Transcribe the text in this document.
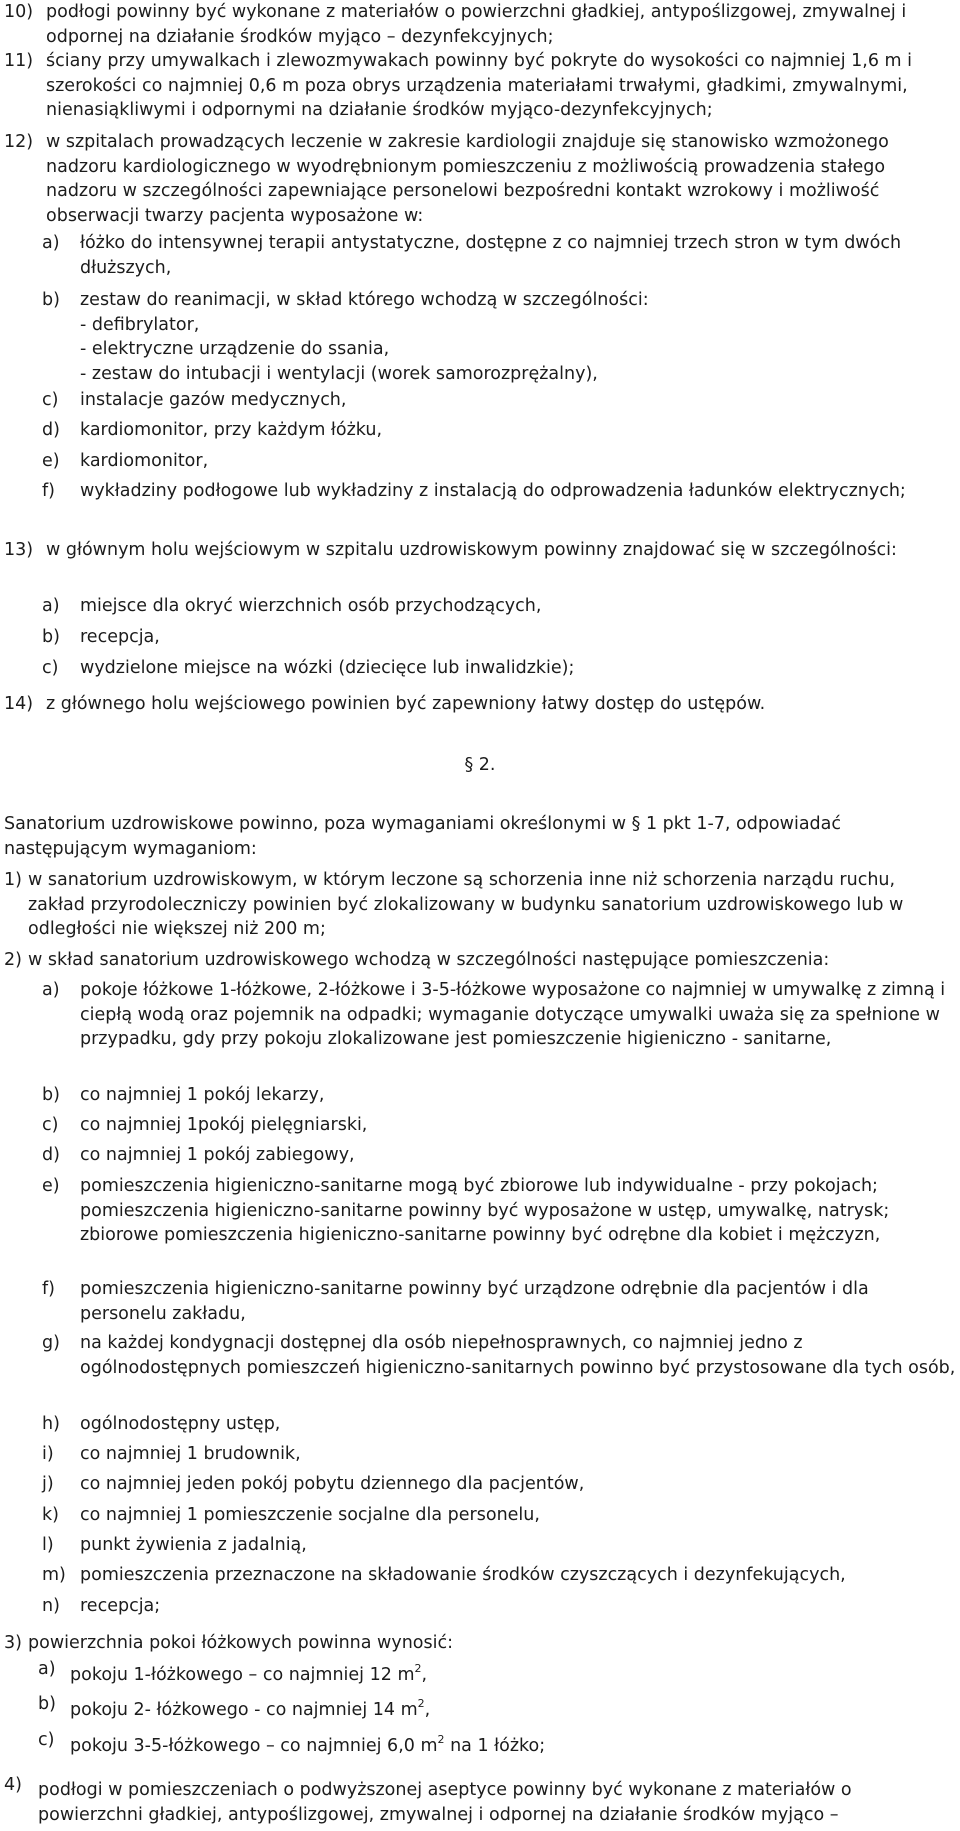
10) podłogi powinny być wykonane z materiałów o powierzchni gładkiej, antypoślizgowej, zmywalnej i odpornej na działanie środków myjąco – dezynfekcyjnych;
11) ściany przy umywalkach i zlewozmywakach powinny być pokryte do wysokości co najmniej 1,6 m i szerokości co najmniej 0,6 m poza obrys urządzenia materiałami trwałymi, gładkimi, zmywalnymi, nienasiąkliwymi i odpornymi na działanie środków myjąco-dezynfekcyjnych;
12) w szpitalach prowadzących leczenie w zakresie kardiologii znajduje się stanowisko wzmożonego nadzoru kardiologicznego w wyodrębnionym pomieszczeniu z możliwością prowadzenia stałego nadzoru w szczególności zapewniające personelowi bezpośredni kontakt wzrokowy i możliwość obserwacji twarzy pacjenta wyposażone w:
a) łóżko do intensywnej terapii antystatyczne, dostępne z co najmniej trzech stron w tym dwóch dłuższych,
b) zestaw do reanimacji, w skład którego wchodzą w szczególności:
- defibrylator,
- elektryczne urządzenie do ssania,
- zestaw do intubacji i wentylacji (worek samorozprężalny),
c) instalacje gazów medycznych,
d) kardiomonitor, przy każdym łóżku,
e) kardiomonitor,
f) wykładziny podłogowe lub wykładziny z instalacją do odprowadzenia ładunków elektrycznych;
13) w głównym holu wejściowym w szpitalu uzdrowiskowym powinny znajdować się w szczególności:
a) miejsce dla okryć wierzchnich osób przychodzących,
b) recepcja,
c) wydzielone miejsce na wózki (dziecięce lub inwalidzkie);
14) z głównego holu wejściowego powinien być zapewniony łatwy dostęp do ustępów.
§ 2.
Sanatorium uzdrowiskowe powinno, poza wymaganiami określonymi w § 1 pkt 1-7, odpowiadać następującym wymaganiom:
1) w sanatorium uzdrowiskowym, w którym leczone są schorzenia inne niż schorzenia narządu ruchu, zakład przyrodoleczniczy powinien być zlokalizowany w budynku sanatorium uzdrowiskowego lub w odległości nie większej niż 200 m;
2) w skład sanatorium uzdrowiskowego wchodzą w szczególności następujące pomieszczenia:
a) pokoje łóżkowe 1-łóżkowe, 2-łóżkowe i 3-5-łóżkowe wyposażone co najmniej w umywalkę z zimną i ciepłą wodą oraz pojemnik na odpadki; wymaganie dotyczące umywalki uważa się za spełnione w przypadku, gdy przy pokoju zlokalizowane jest pomieszczenie higieniczno - sanitarne,
b) co najmniej 1 pokój lekarzy,
c) co najmniej 1pokój pielęgniarski,
d) co najmniej 1 pokój zabiegowy,
e) pomieszczenia higieniczno-sanitarne mogą być zbiorowe lub indywidualne - przy pokojach; pomieszczenia higieniczno-sanitarne powinny być wyposażone w ustęp, umywalkę, natrysk; zbiorowe pomieszczenia higieniczno-sanitarne powinny być odrębne dla kobiet i mężczyzn,
f) pomieszczenia higieniczno-sanitarne powinny być urządzone odrębnie dla pacjentów i dla personelu zakładu,
g) na każdej kondygnacji dostępnej dla osób niepełnosprawnych, co najmniej jedno z ogólnodostępnych pomieszczeń higieniczno-sanitarnych powinno być przystosowane dla tych osób,
h) ogólnodostępny ustęp,
i) co najmniej 1 brudownik,
j) co najmniej jeden pokój pobytu dziennego dla pacjentów,
k) co najmniej 1 pomieszczenie socjalne dla personelu,
l) punkt żywienia z jadalnią,
m) pomieszczenia przeznaczone na składowanie środków czyszczących i dezynfekujących,
n) recepcja;
3) powierzchnia pokoi łóżkowych powinna wynosić:
a) pokoju 1-łóżkowego – co najmniej 12 $m^2$,
b) pokoju 2- łóżkowego - co najmniej 14 $m^2$,
c) pokoju 3-5-łóżkowego – co najmniej 6,0 $m^2$ na 1 łóżko;
4) podłogi w pomieszczeniach o podwyższonej aseptyce powinny być wykonane z materiałów o powierzchni gładkiej, antypoślizgowej, zmywalnej i odpornej na działanie środków myjąco –
